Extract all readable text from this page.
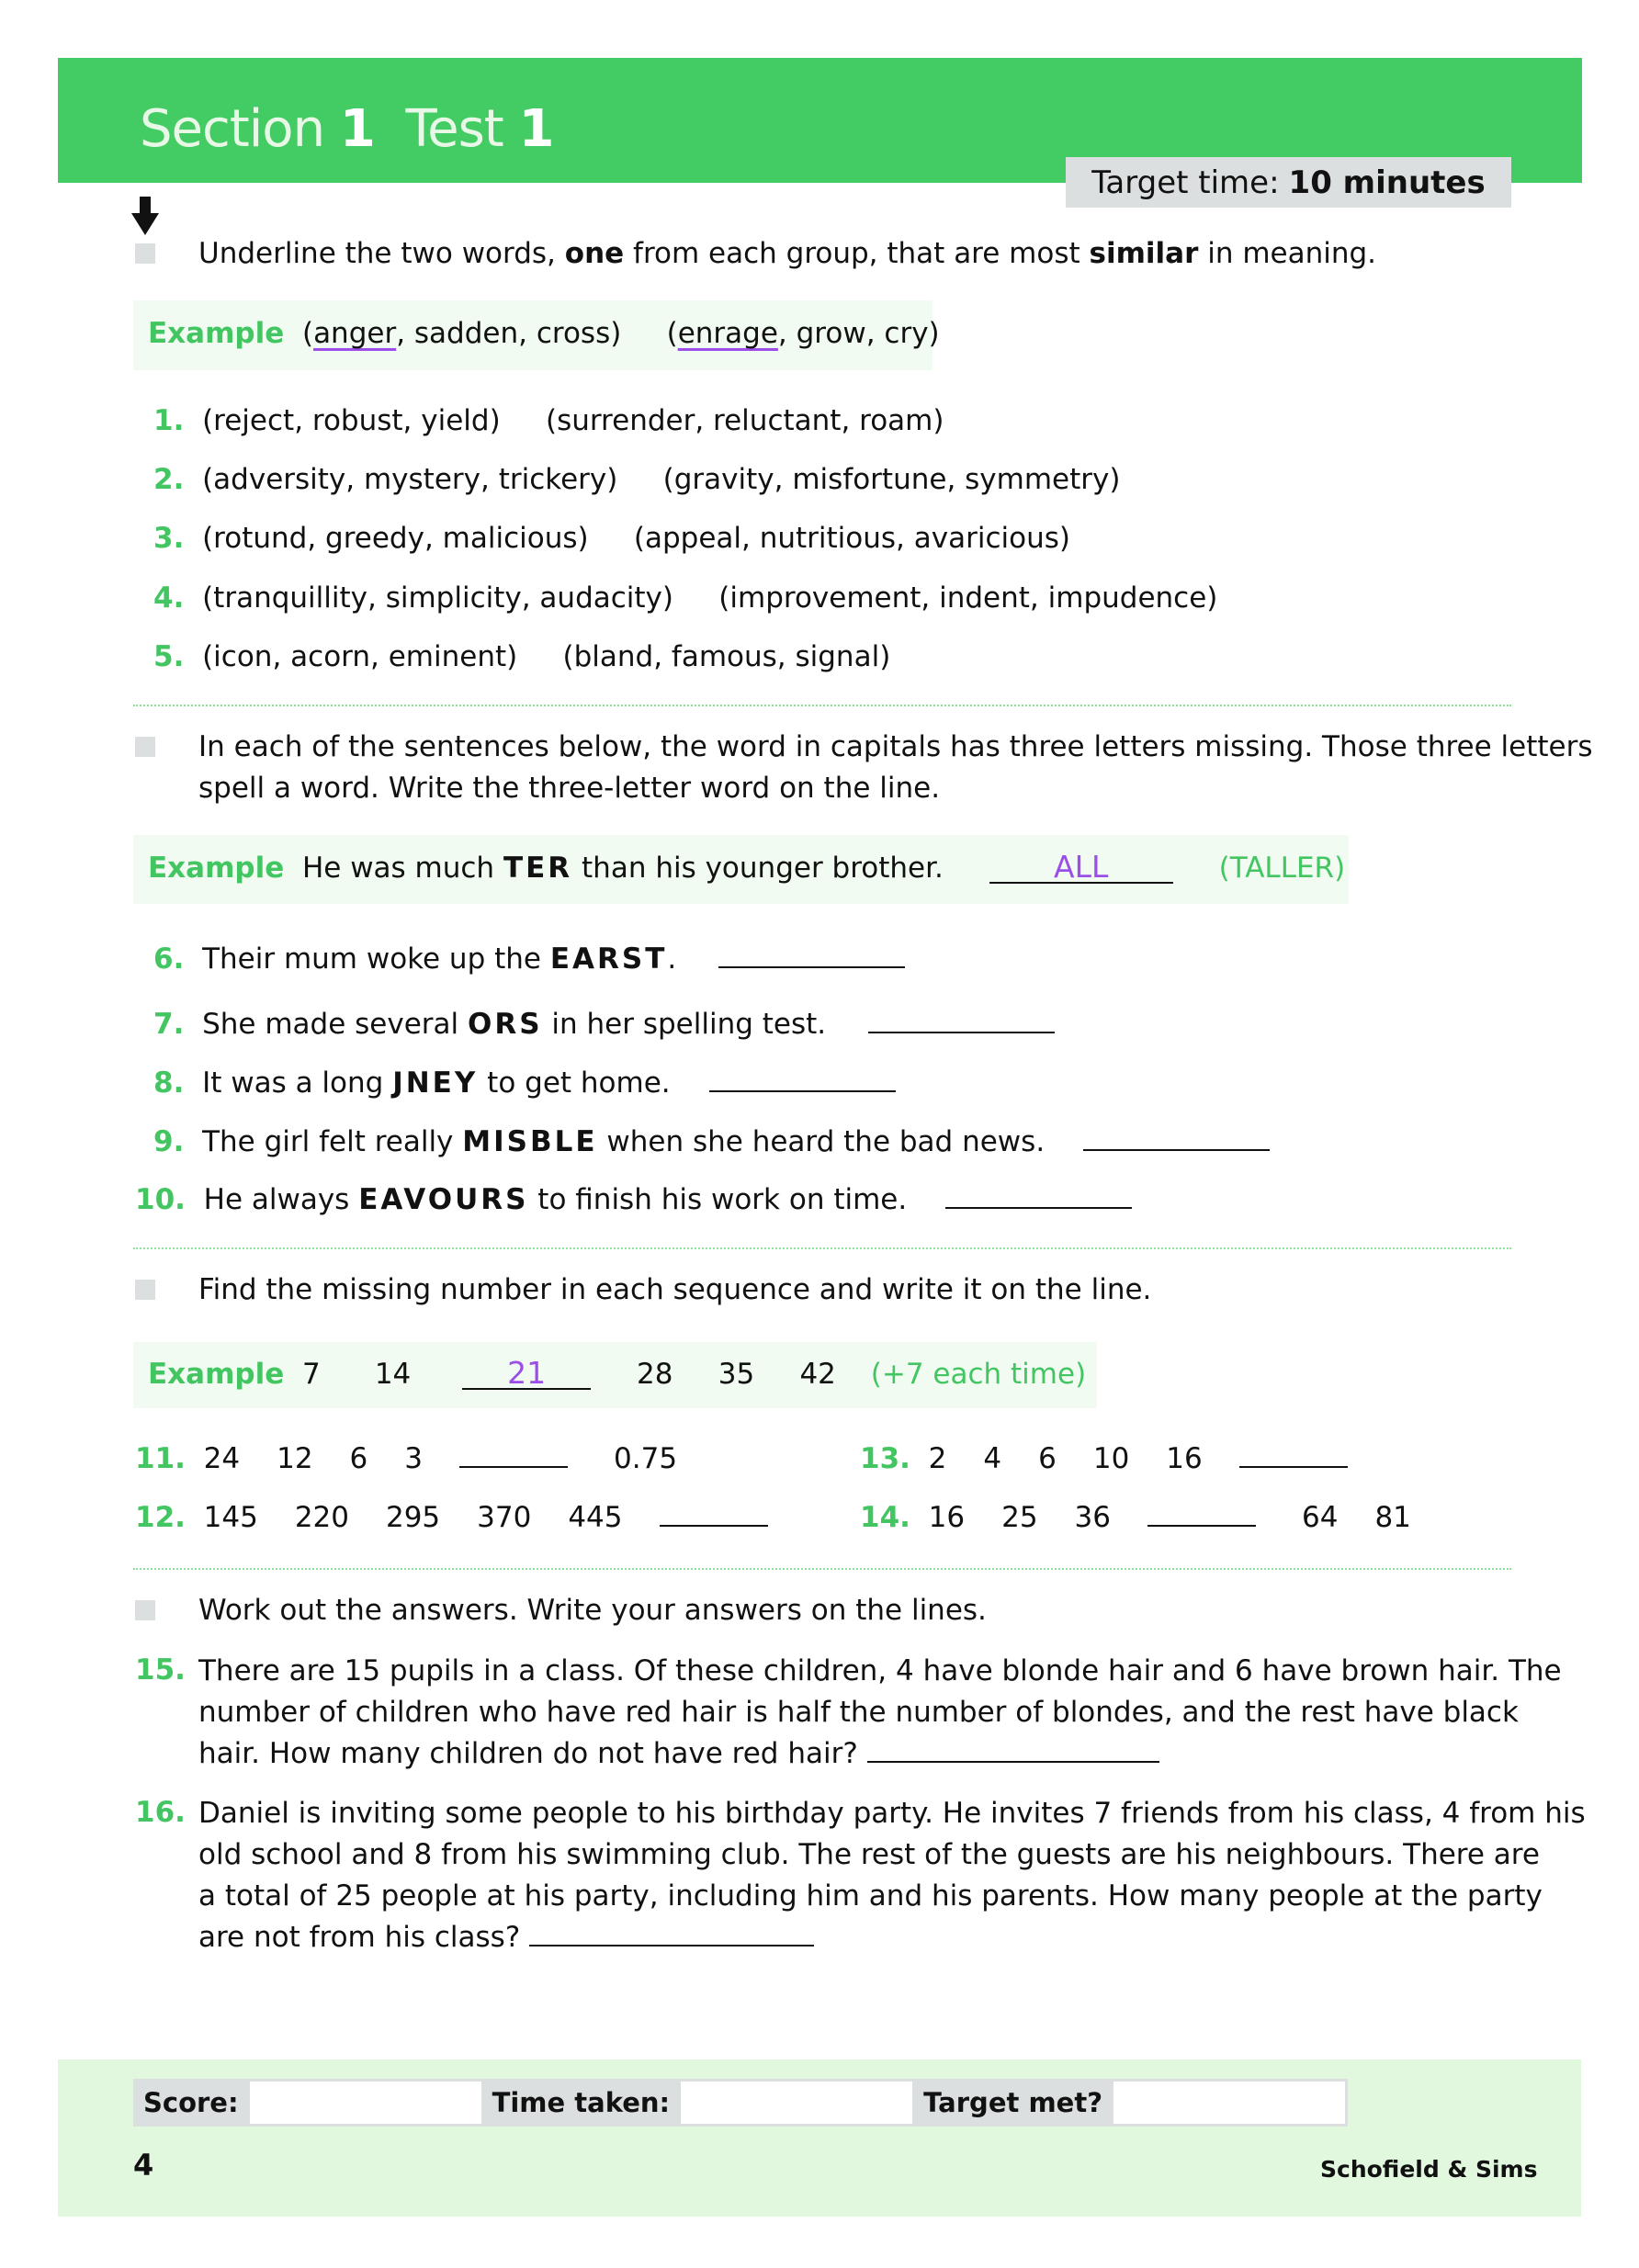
Section 1 Test 1
Target time: 10 minutes
Underline the two words, one from each group, that are most similar in meaning.
Example (anger, sadden, cross) (enrage, grow, cry)
1. (reject, robust, yield) (surrender, reluctant, roam)
2. (adversity, mystery, trickery) (gravity, misfortune, symmetry)
3. (rotund, greedy, malicious) (appeal, nutritious, avaricious)
4. (tranquillity, simplicity, audacity) (improvement, indent, impudence)
5. (icon, acorn, eminent) (bland, famous, signal)
In each of the sentences below, the word in capitals has three letters missing. Those three letters
spell a word. Write the three-letter word on the line.
Example He was much TER than his younger brother.	ALL	(TALLER)
6. Their mum woke up the EARST.
7. She made several ORS in her spelling test.
8. It was a long JNEY to get home.
9. The girl felt really MISBLE when she heard the bad news.
10. He always EAVOURS to finish his work on time.
Find the missing number in each sequence and write it on the line.
Example 7 14	21	28 35 42 (+7 each time)
11. 24 12 6 3	0.75
12. 145 220 295 370 445
13. 2 4 6 10 16
14. 16 25 36	64 81
Work out the answers. Write your answers on the lines.
15. There are 15 pupils in a class. Of these children, 4 have blonde hair and 6 have brown hair. The
number of children who have red hair is half the number of blondes, and the rest have black
hair. How many children do not have red hair?
16. Daniel is inviting some people to his birthday party. He invites 7 friends from his class, 4 from his
old school and 8 from his swimming club. The rest of the guests are his neighbours. There are
a total of 25 people at his party, including him and his parents. How many people at the party
are not from his class?
Score:	Time taken:	Target met?
4	Schofield & Sims
